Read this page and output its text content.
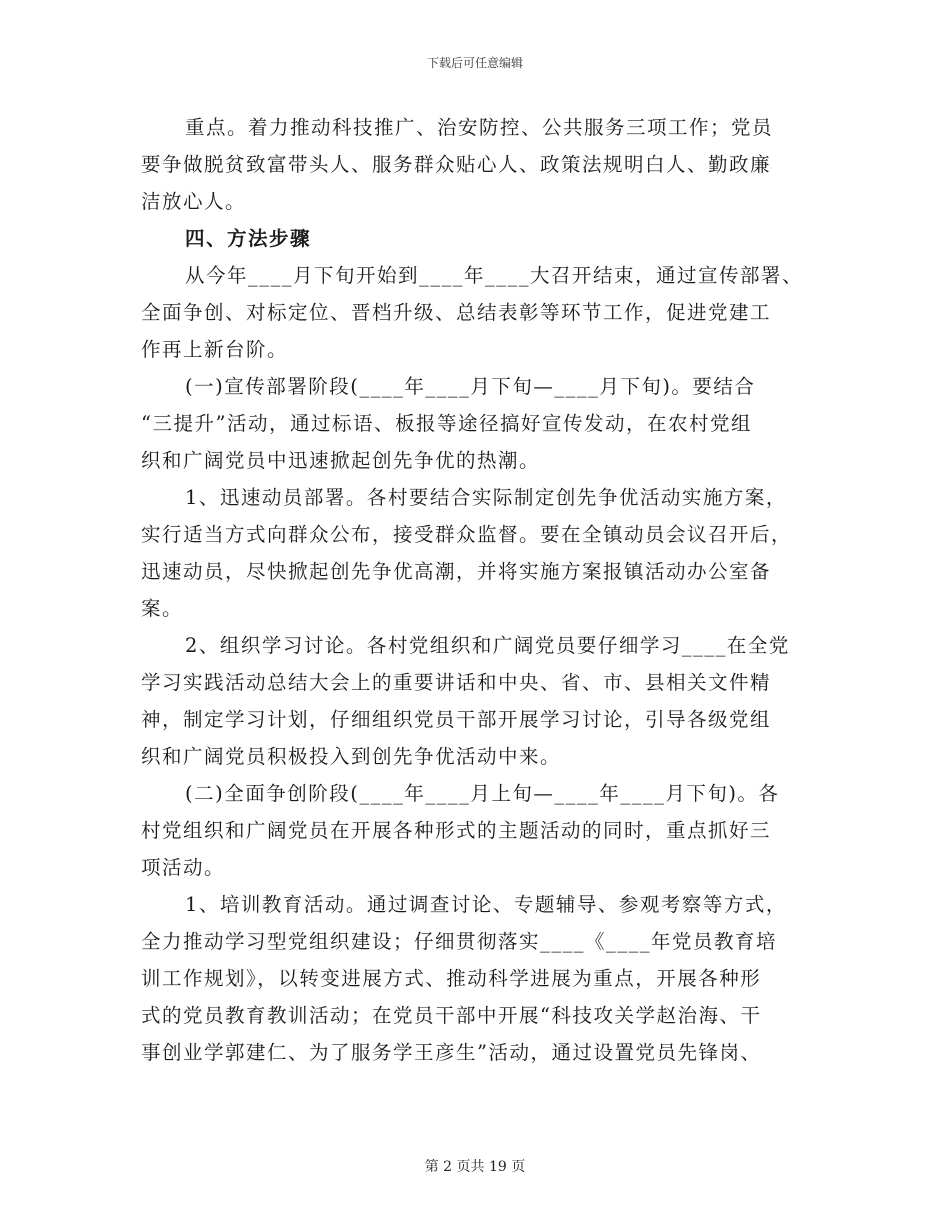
下载后可任意编辑
重点。着力推动科技推广、治安防控、公共服务三项工作；党员
要争做脱贫致富带头人、服务群众贴心人、政策法规明白人、勤政廉
洁放心人。
四、方法步骤
从今年____月下旬开始到____年____大召开结束，通过宣传部署、
全面争创、对标定位、晋档升级、总结表彰等环节工作，促进党建工
作再上新台阶。
(一)宣传部署阶段(____年____月下旬—____月下旬)。要结合
“三提升”活动，通过标语、板报等途径搞好宣传发动，在农村党组
织和广阔党员中迅速掀起创先争优的热潮。
1、迅速动员部署。各村要结合实际制定创先争优活动实施方案，
实行适当方式向群众公布，接受群众监督。要在全镇动员会议召开后，
迅速动员，尽快掀起创先争优高潮，并将实施方案报镇活动办公室备
案。
2、组织学习讨论。各村党组织和广阔党员要仔细学习____在全党
学习实践活动总结大会上的重要讲话和中央、省、市、县相关文件精
神，制定学习计划，仔细组织党员干部开展学习讨论，引导各级党组
织和广阔党员积极投入到创先争优活动中来。
(二)全面争创阶段(____年____月上旬—____年____月下旬)。各
村党组织和广阔党员在开展各种形式的主题活动的同时，重点抓好三
项活动。
1、培训教育活动。通过调查讨论、专题辅导、参观考察等方式，
全力推动学习型党组织建设；仔细贯彻落实____《____年党员教育培
训工作规划》，以转变进展方式、推动科学进展为重点，开展各种形
式的党员教育教训活动；在党员干部中开展“科技攻关学赵治海、干
事创业学郭建仁、为了服务学王彦生”活动，通过设置党员先锋岗、
第 2 页共 19 页
